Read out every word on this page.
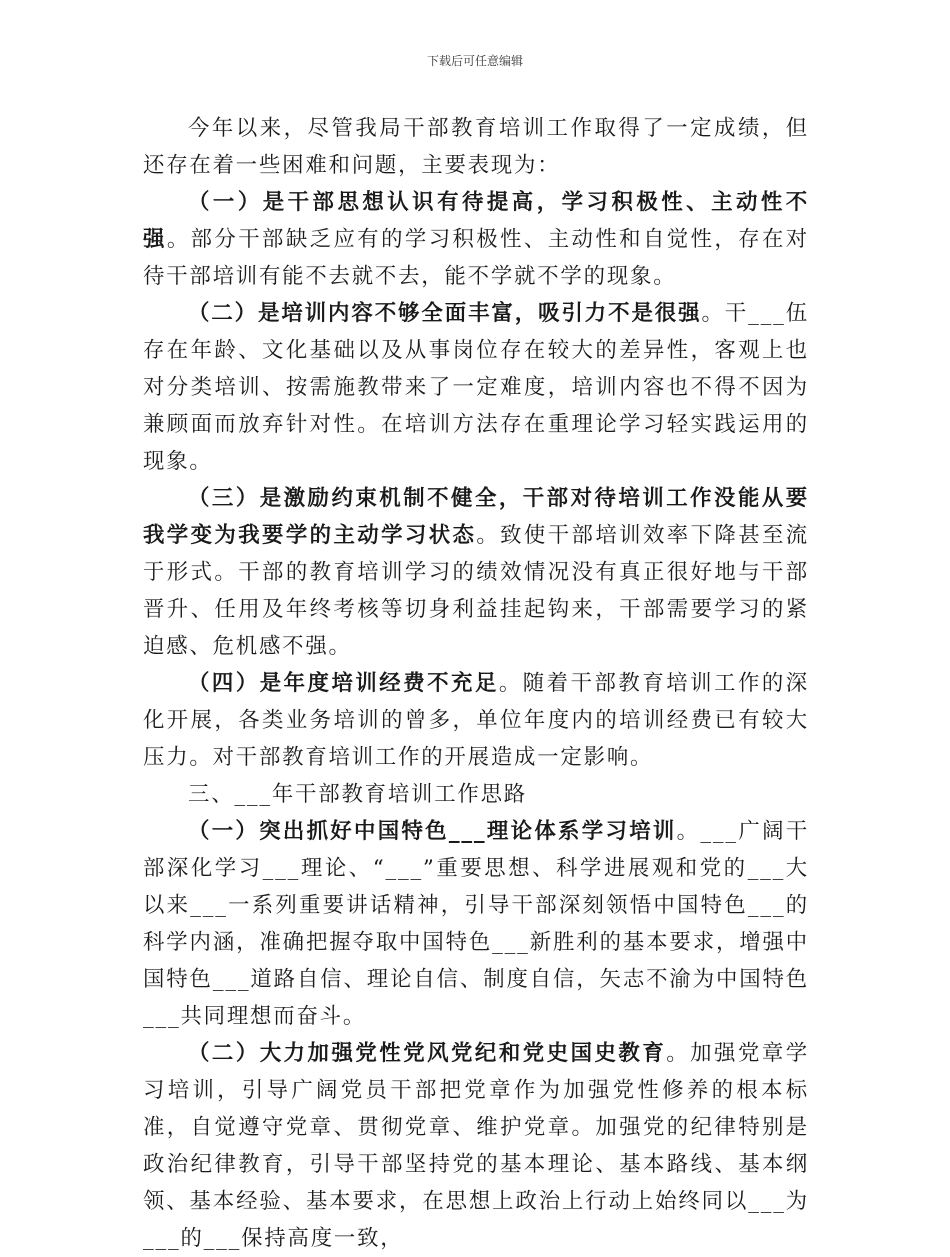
下载后可任意编辑

今年以来，尽管我局干部教育培训工作取得了一定成绩，但还存在着一些困难和问题，主要表现为：

（一）是干部思想认识有待提高，学习积极性、主动性不强。部分干部缺乏应有的学习积极性、主动性和自觉性，存在对待干部培训有能不去就不去，能不学就不学的现象。

（二）是培训内容不够全面丰富，吸引力不是很强。干___伍存在年龄、文化基础以及从事岗位存在较大的差异性，客观上也对分类培训、按需施教带来了一定难度，培训内容也不得不因为兼顾面而放弃针对性。在培训方法存在重理论学习轻实践运用的现象。

（三）是激励约束机制不健全，干部对待培训工作没能从要我学变为我要学的主动学习状态。致使干部培训效率下降甚至流于形式。干部的教育培训学习的绩效情况没有真正很好地与干部晋升、任用及年终考核等切身利益挂起钩来，干部需要学习的紧迫感、危机感不强。

（四）是年度培训经费不充足。随着干部教育培训工作的深化开展，各类业务培训的曾多，单位年度内的培训经费已有较大压力。对干部教育培训工作的开展造成一定影响。

三、___年干部教育培训工作思路

（一）突出抓好中国特色___理论体系学习培训。___广阔干部深化学习___理论、“___”重要思想、科学进展观和党的___大以来___一系列重要讲话精神，引导干部深刻领悟中国特色___的科学内涵，准确把握夺取中国特色___新胜利的基本要求，增强中国特色___道路自信、理论自信、制度自信，矢志不渝为中国特色___共同理想而奋斗。

（二）大力加强党性党风党纪和党史国史教育。加强党章学习培训，引导广阔党员干部把党章作为加强党性修养的根本标准，自觉遵守党章、贯彻党章、维护党章。加强党的纪律特别是政治纪律教育，引导干部坚持党的基本理论、基本路线、基本纲领、基本经验、基本要求，在思想上政治上行动上始终同以___为___的___保持高度一致，
